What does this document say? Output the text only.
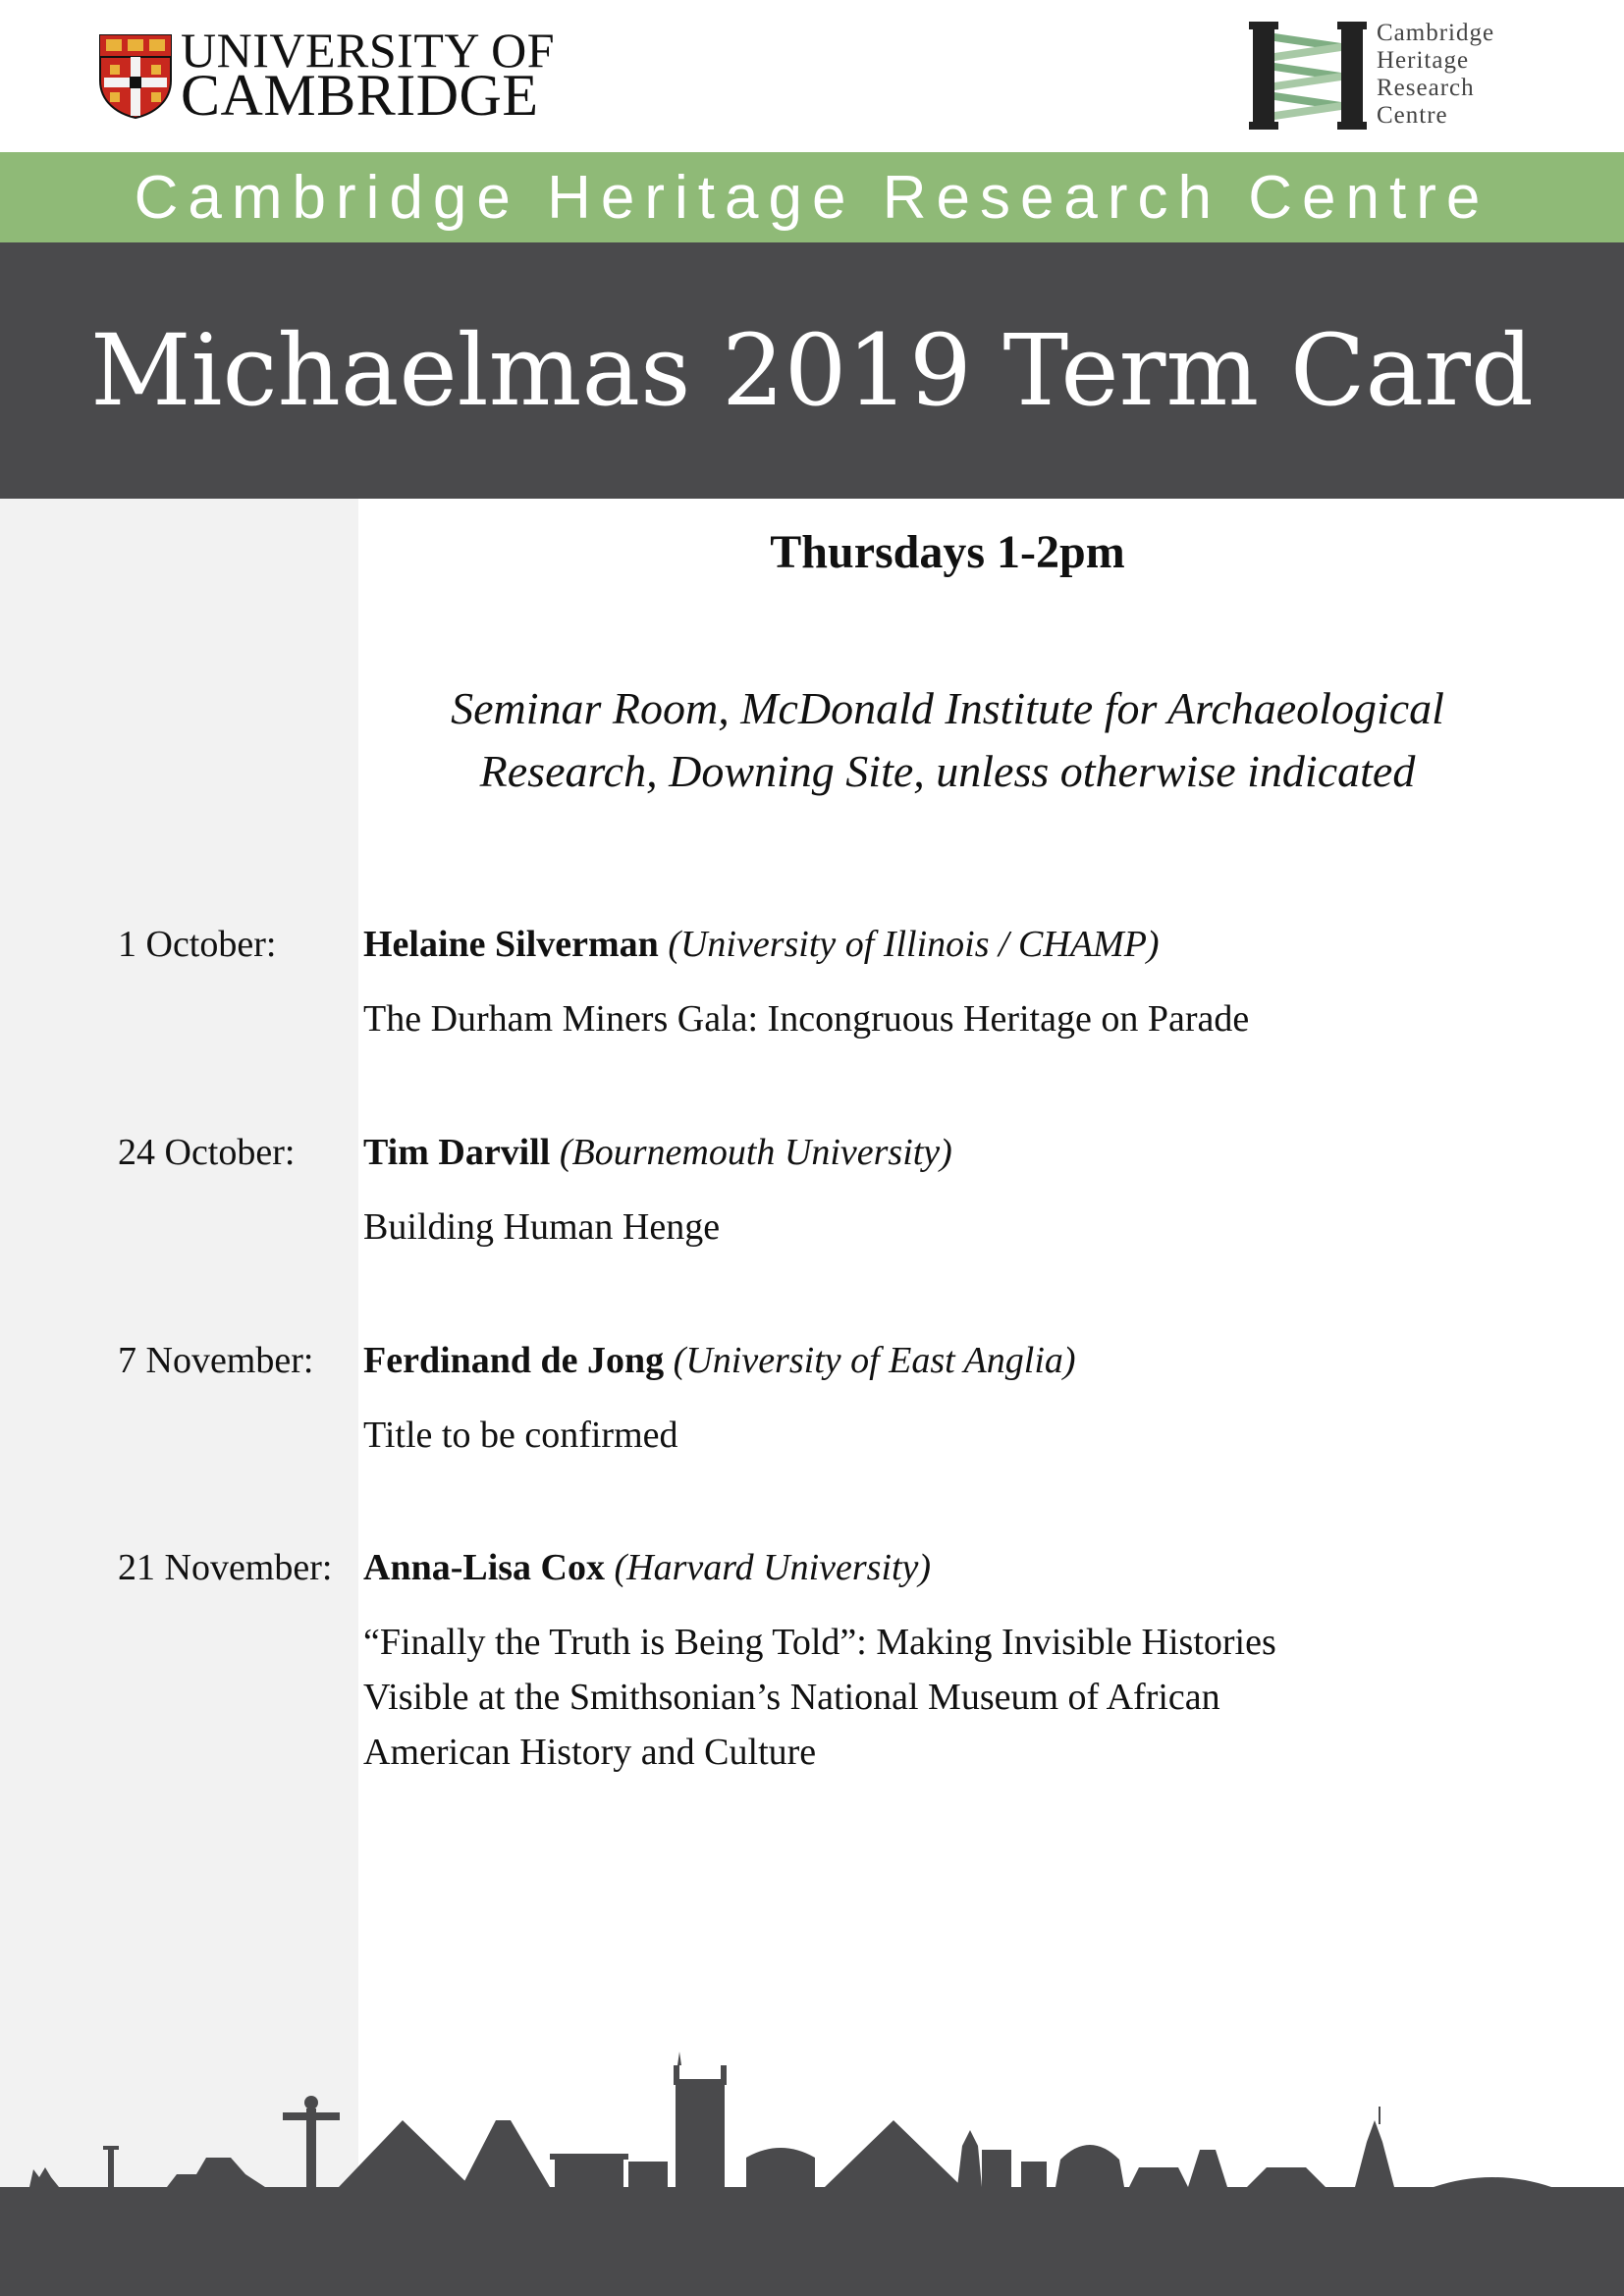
UNIVERSITY OF
CAMBRIDGE
Cambridge
Heritage
Research
Centre
Cambridge Heritage Research Centre
Michaelmas 2019 Term Card
Thursdays 1-2pm
Seminar Room, McDonald Institute for Archaeological
Research, Downing Site, unless otherwise indicated
1 October: Helaine Silverman (University of Illinois / CHAMP)
The Durham Miners Gala: Incongruous Heritage on Parade
24 October: Tim Darvill (Bournemouth University)
Building Human Henge
7 November: Ferdinand de Jong (University of East Anglia)
Title to be confirmed
21 November: Anna-Lisa Cox (Harvard University)
“Finally the Truth is Being Told”: Making Invisible Histories
Visible at the Smithsonian’s National Museum of African
American History and Culture
